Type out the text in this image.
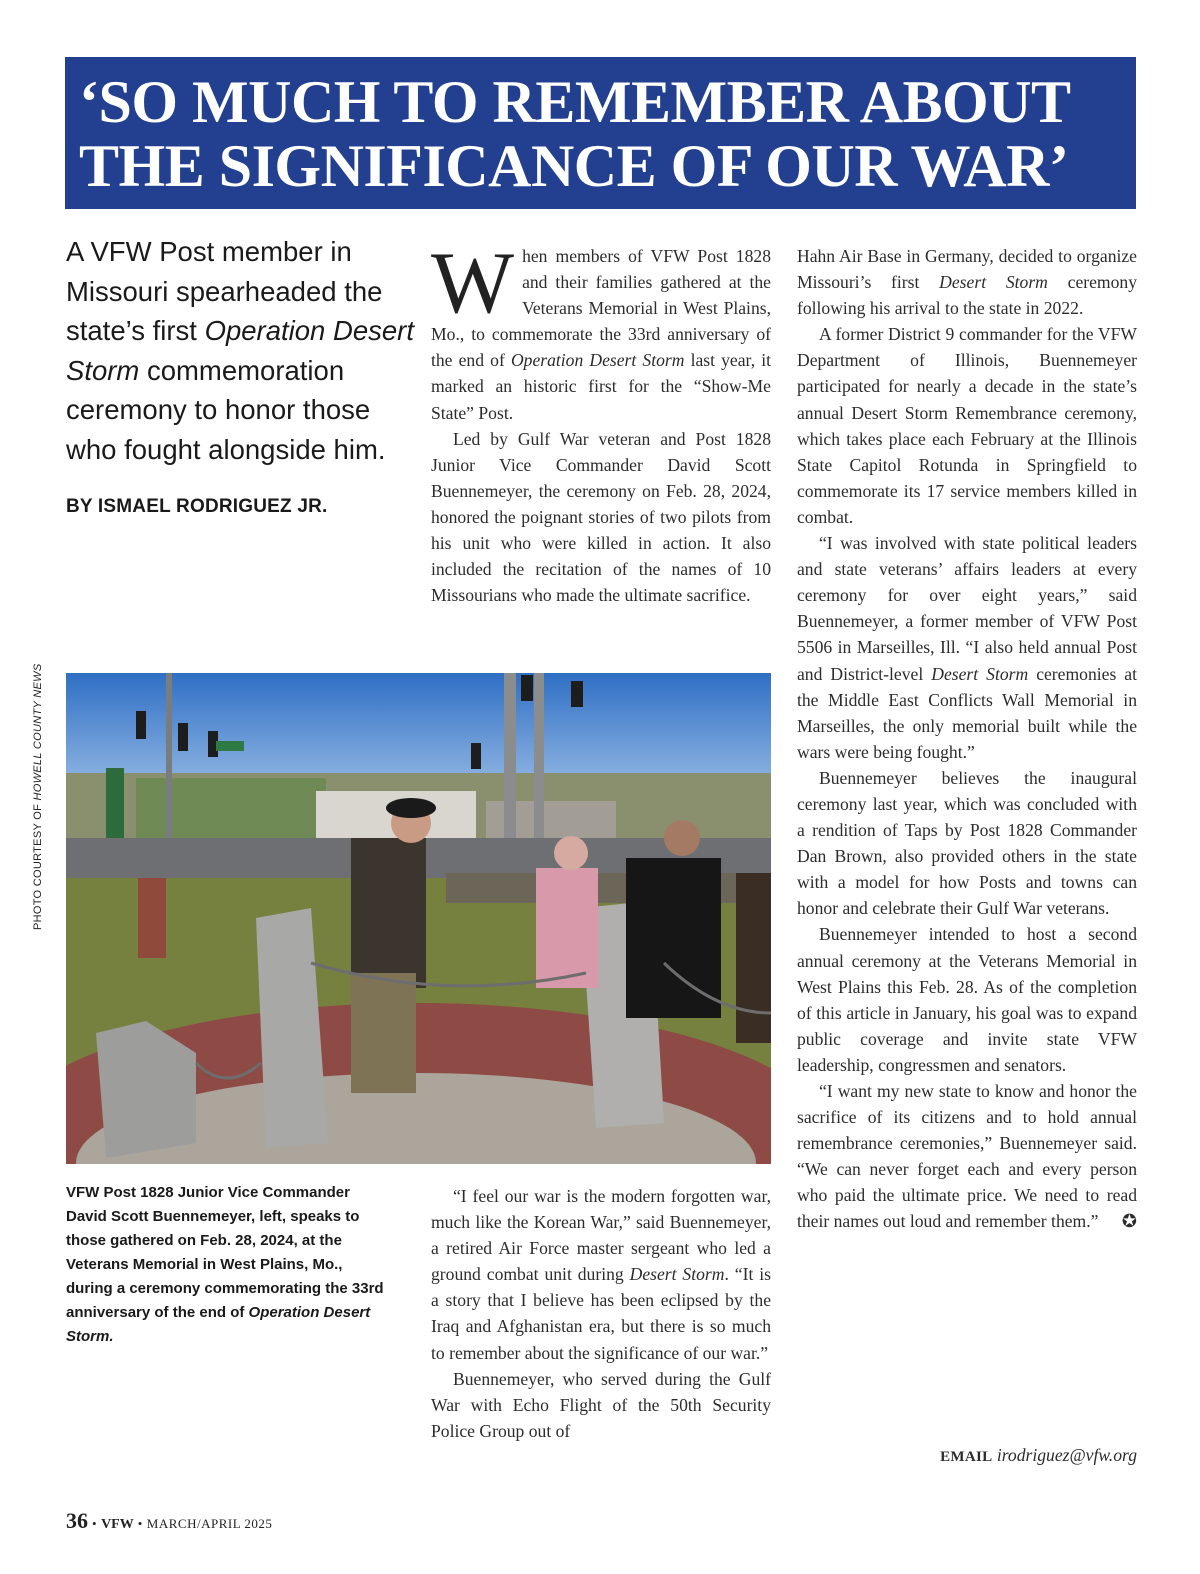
‘SO MUCH TO REMEMBER ABOUT
THE SIGNIFICANCE OF OUR WAR’

A VFW Post member in Missouri spearheaded the state’s first Operation Desert Storm commemoration ceremony to honor those who fought alongside him.

BY ISMAEL RODRIGUEZ JR.
PHOTO COURTESY OF HOWELL COUNTY NEWS

When members of VFW Post 1828 and their families gathered at the Veterans Memorial in West Plains, Mo., to commemorate the 33rd anniversary of the end of Operation Desert Storm last year, it marked an historic first for the “Show-Me State” Post.

Led by Gulf War veteran and Post 1828 Junior Vice Commander David Scott Buennemeyer, the ceremony on Feb. 28, 2024, honored the poignant stories of two pilots from his unit who were killed in action. It also included the recitation of the names of 10 Missourians who made the ultimate sacrifice.

VFW Post 1828 Junior Vice Commander David Scott Buennemeyer, left, speaks to those gathered on Feb. 28, 2024, at the Veterans Memorial in West Plains, Mo., during a ceremony commemorating the 33rd anniversary of the end of Operation Desert Storm.

“I feel our war is the modern forgotten war, much like the Korean War,” said Buennemeyer, a retired Air Force master sergeant who led a ground combat unit during Desert Storm. “It is a story that I believe has been eclipsed by the Iraq and Afghanistan era, but there is so much to remember about the significance of our war.”

Buennemeyer, who served during the Gulf War with Echo Flight of the 50th Security Police Group out of

Hahn Air Base in Germany, decided to organize Missouri’s first Desert Storm ceremony following his arrival to the state in 2022.

A former District 9 commander for the VFW Department of Illinois, Buennemeyer participated for nearly a decade in the state’s annual Desert Storm Remembrance ceremony, which takes place each February at the Illinois State Capitol Rotunda in Springfield to commemorate its 17 service members killed in combat.

“I was involved with state political leaders and state veterans’ affairs leaders at every ceremony for over eight years,” said Buennemeyer, a former member of VFW Post 5506 in Marseilles, Ill. “I also held annual Post and District-level Desert Storm ceremonies at the Middle East Conflicts Wall Memorial in Marseilles, the only memorial built while the wars were being fought.”

Buennemeyer believes the inaugural ceremony last year, which was concluded with a rendition of Taps by Post 1828 Commander Dan Brown, also provided others in the state with a model for how Posts and towns can honor and celebrate their Gulf War veterans.

Buennemeyer intended to host a second annual ceremony at the Veterans Memorial in West Plains this Feb. 28. As of the completion of this article in January, his goal was to expand public coverage and invite state VFW leadership, congressmen and senators.

“I want my new state to know and honor the sacrifice of its citizens and to hold annual remembrance ceremonies,” Buennemeyer said. “We can never forget each and every person who paid the ultimate price. We need to read their names out loud and remember them.”	✪

EMAIL irodriguez@vfw.org
36 • VFW • MARCH/APRIL 2025
